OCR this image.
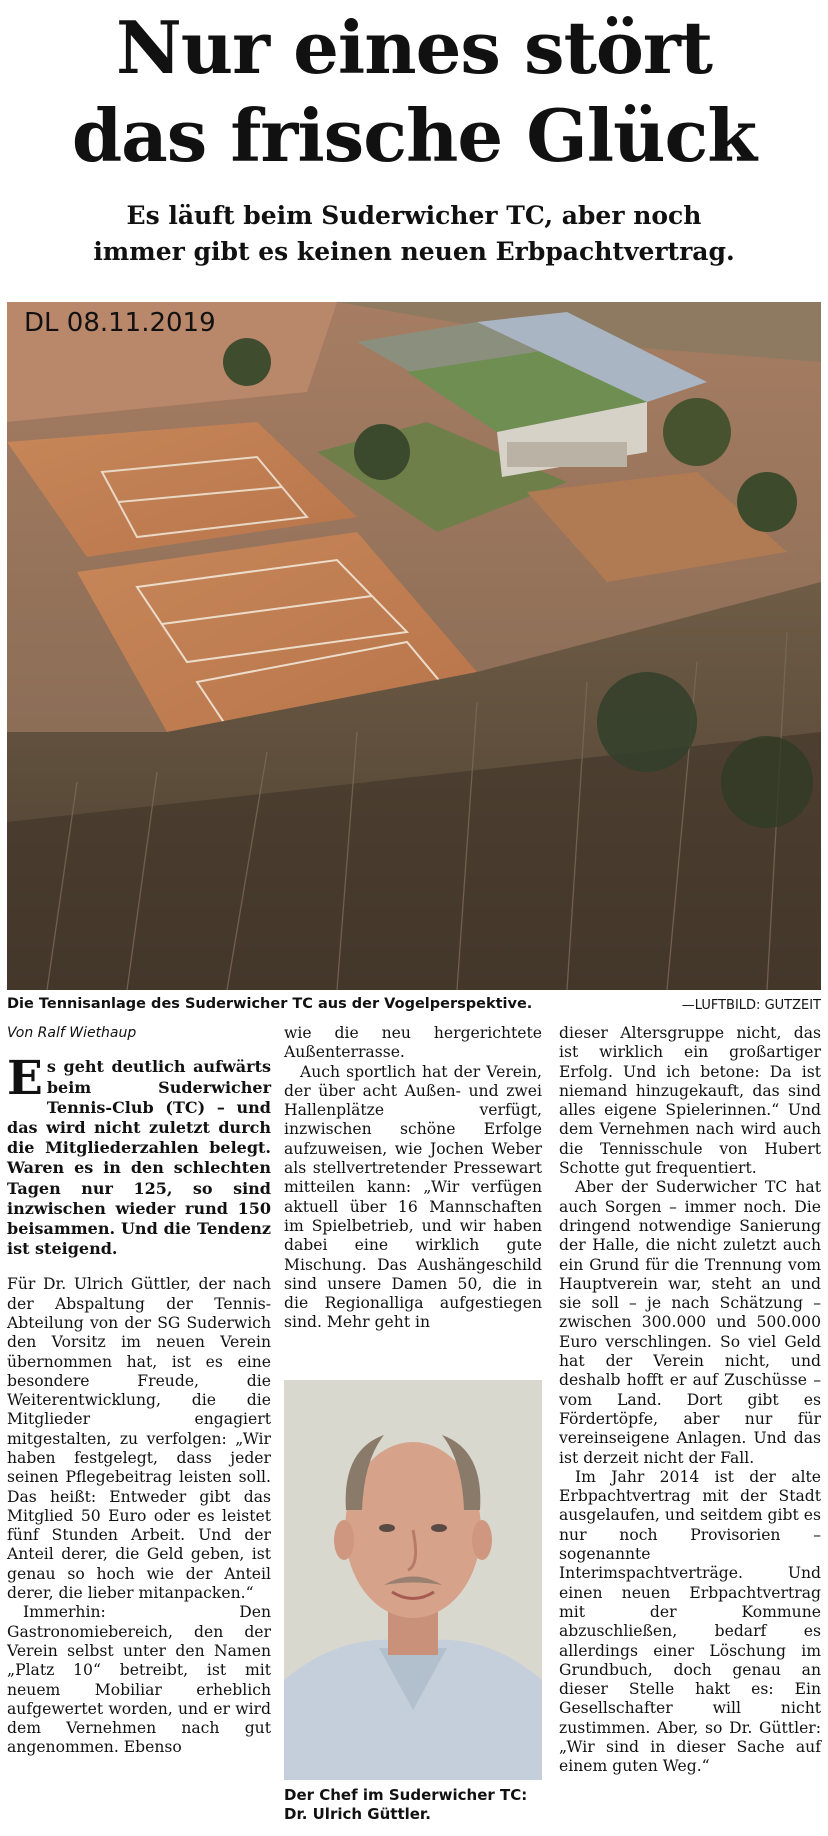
Nur eines stört
das frische Glück
Es läuft beim Suderwicher TC, aber noch
immer gibt es keinen neuen Erbpachtvertrag.
DL 08.11.2019
Die Tennisanlage des Suderwicher TC aus der Vogelperspektive.	—LUFTBILD: GUTZEIT
Von Ralf Wiethaup
Es geht deutlich aufwärts beim Suderwicher Tennis-Club (TC) – und das wird nicht zuletzt durch die Mitgliederzahlen belegt. Waren es in den schlechten Tagen nur 125, so sind inzwischen wieder rund 150 beisammen. Und die Tendenz ist steigend.

Für Dr. Ulrich Güttler, der nach der Abspaltung der Tennis-Abteilung von der SG Suderwich den Vorsitz im neuen Verein übernommen hat, ist es eine besondere Freude, die Weiterentwicklung, die die Mitglieder engagiert mitgestalten, zu verfolgen: „Wir haben festgelegt, dass jeder seinen Pflegebeitrag leisten soll. Das heißt: Entweder gibt das Mitglied 50 Euro oder es leistet fünf Stunden Arbeit. Und der Anteil derer, die Geld geben, ist genau so hoch wie der Anteil derer, die lieber mitanpacken.“

Immerhin: Den Gastronomiebereich, den der Verein selbst unter den Namen „Platz 10“ betreibt, ist mit neuem Mobiliar erheblich aufgewertet worden, und er wird dem Vernehmen nach gut angenommen. Ebenso

wie die neu hergerichtete Außenterrasse.

Auch sportlich hat der Verein, der über acht Außen- und zwei Hallenplätze verfügt, inzwischen schöne Erfolge aufzuweisen, wie Jochen Weber als stellvertretender Pressewart mitteilen kann: „Wir verfügen aktuell über 16 Mannschaften im Spielbetrieb, und wir haben dabei eine wirklich gute Mischung. Das Aushängeschild sind unsere Damen 50, die in die Regionalliga aufgestiegen sind. Mehr geht in

Der Chef im Suderwicher TC: Dr. Ulrich Güttler.

dieser Altersgruppe nicht, das ist wirklich ein großartiger Erfolg. Und ich betone: Da ist niemand hinzugekauft, das sind alles eigene Spielerinnen.“ Und dem Vernehmen nach wird auch die Tennisschule von Hubert Schotte gut frequentiert.

Aber der Suderwicher TC hat auch Sorgen – immer noch. Die dringend notwendige Sanierung der Halle, die nicht zuletzt auch ein Grund für die Trennung vom Hauptverein war, steht an und sie soll – je nach Schätzung – zwischen 300.000 und 500.000 Euro verschlingen. So viel Geld hat der Verein nicht, und deshalb hofft er auf Zuschüsse – vom Land. Dort gibt es Fördertöpfe, aber nur für vereinseigene Anlagen. Und das ist derzeit nicht der Fall.

Im Jahr 2014 ist der alte Erbpachtvertrag mit der Stadt ausgelaufen, und seitdem gibt es nur noch Provisorien – sogenannte Interimspachtverträge. Und einen neuen Erbpachtvertrag mit der Kommune abzuschließen, bedarf es allerdings einer Löschung im Grundbuch, doch genau an dieser Stelle hakt es: Ein Gesellschafter will nicht zustimmen. Aber, so Dr. Güttler: „Wir sind in dieser Sache auf einem guten Weg.“
